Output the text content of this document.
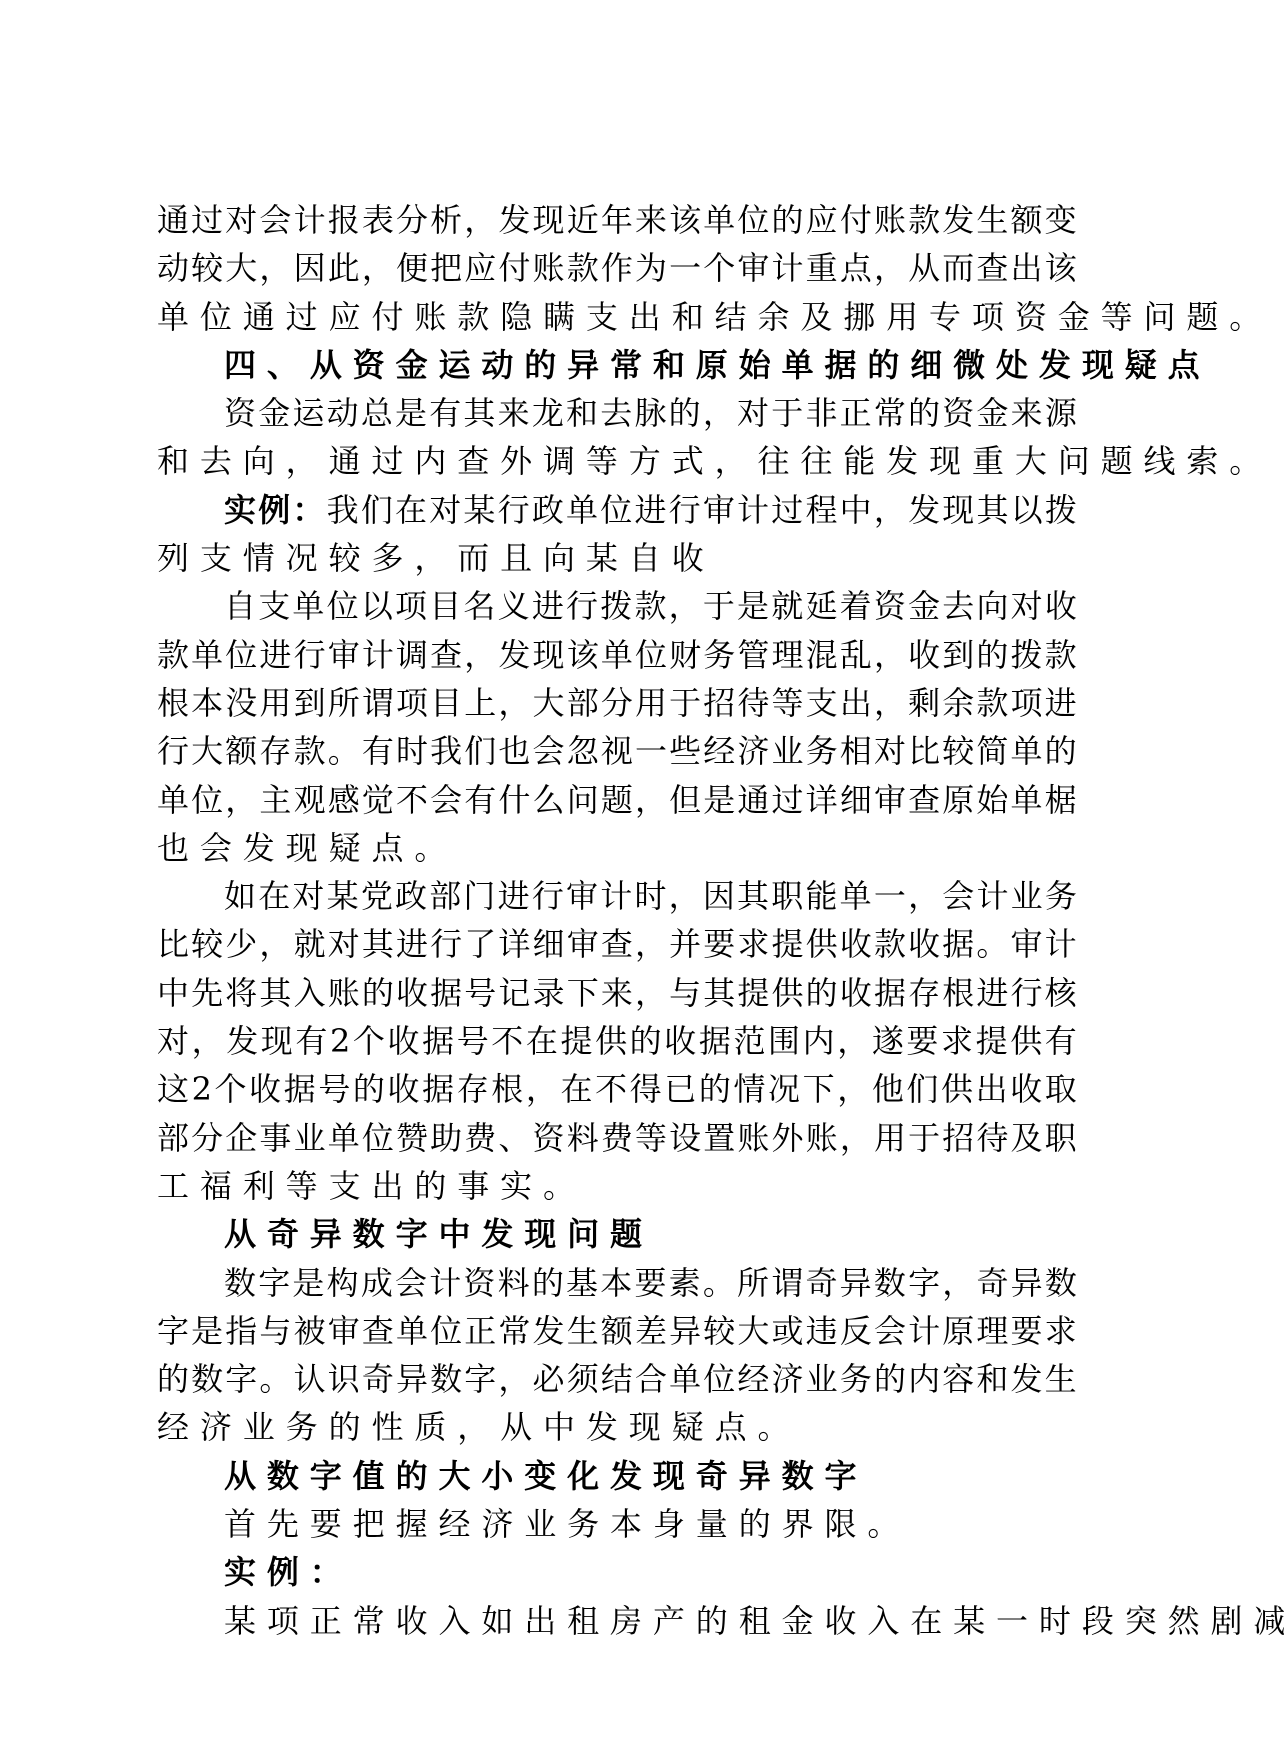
通 过 对 会 计 报 表 分 析 ， 发 现 近 年 来 该 单 位 的 应 付 账 款 发 生 额 变
动 较 大 ， 因 此 ， 便 把 应 付 账 款 作 为 一 个 审 计 重 点 ， 从 而 查 出 该
单 位 通 过 应 付 账 款 隐 瞒 支 出 和 结 余 及 挪 用 专 项 资 金 等 问 题 。
四 、 从 资 金 运 动 的 异 常 和 原 始 单 据 的 细 微 处 发 现 疑 点
资 金 运 动 总 是 有 其 来 龙 和 去 脉 的 ， 对 于 非 正 常 的 资 金 来 源
和 去 向 ， 通 过 内 查 外 调 等 方 式 ， 往 往 能 发 现 重 大 问 题 线 索 。
实 例 ： 我 们 在 对 某 行 政 单 位 进 行 审 计 过 程 中 ， 发 现 其 以 拨
列 支 情 况 较 多 ， 而 且 向 某 自 收
自 支 单 位 以 项 目 名 义 进 行 拨 款 ， 于 是 就 延 着 资 金 去 向 对 收
款 单 位 进 行 审 计 调 查 ， 发 现 该 单 位 财 务 管 理 混 乱 ， 收 到 的 拨 款
根 本 没 用 到 所 谓 项 目 上 ， 大 部 分 用 于 招 待 等 支 出 ， 剩 余 款 项 进
行 大 额 存 款 。 有 时 我 们 也 会 忽 视 一 些 经 济 业 务 相 对 比 较 简 单 的
单 位 ， 主 观 感 觉 不 会 有 什 么 问 题 ， 但 是 通 过 详 细 审 查 原 始 单 椐
也 会 发 现 疑 点 。
如 在 对 某 党 政 部 门 进 行 审 计 时 ， 因 其 职 能 单 一 ， 会 计 业 务
比 较 少 ， 就 对 其 进 行 了 详 细 审 查 ， 并 要 求 提 供 收 款 收 据 。 审 计
中 先 将 其 入 账 的 收 据 号 记 录 下 来 ， 与 其 提 供 的 收 据 存 根 进 行 核
对 ， 发 现 有 2 个 收 据 号 不 在 提 供 的 收 据 范 围 内 ， 遂 要 求 提 供 有
这 2 个 收 据 号 的 收 据 存 根 ， 在 不 得 已 的 情 况 下 ， 他 们 供 出 收 取
部 分 企 事 业 单 位 赞 助 费 、 资 料 费 等 设 置 账 外 账 ， 用 于 招 待 及 职
工 福 利 等 支 出 的 事 实 。
从 奇 异 数 字 中 发 现 问 题
数 字 是 构 成 会 计 资 料 的 基 本 要 素 。 所 谓 奇 异 数 字 ， 奇 异 数
字 是 指 与 被 审 查 单 位 正 常 发 生 额 差 异 较 大 或 违 反 会 计 原 理 要 求
的 数 字 。 认 识 奇 异 数 字 ， 必 须 结 合 单 位 经 济 业 务 的 内 容 和 发 生
经 济 业 务 的 性 质 ， 从 中 发 现 疑 点 。
从 数 字 值 的 大 小 变 化 发 现 奇 异 数 字
首 先 要 把 握 经 济 业 务 本 身 量 的 界 限 。
实 例 ：
某 项 正 常 收 入 如 出 租 房 产 的 租 金 收 入 在 某 一 时 段 突 然 剧 减
